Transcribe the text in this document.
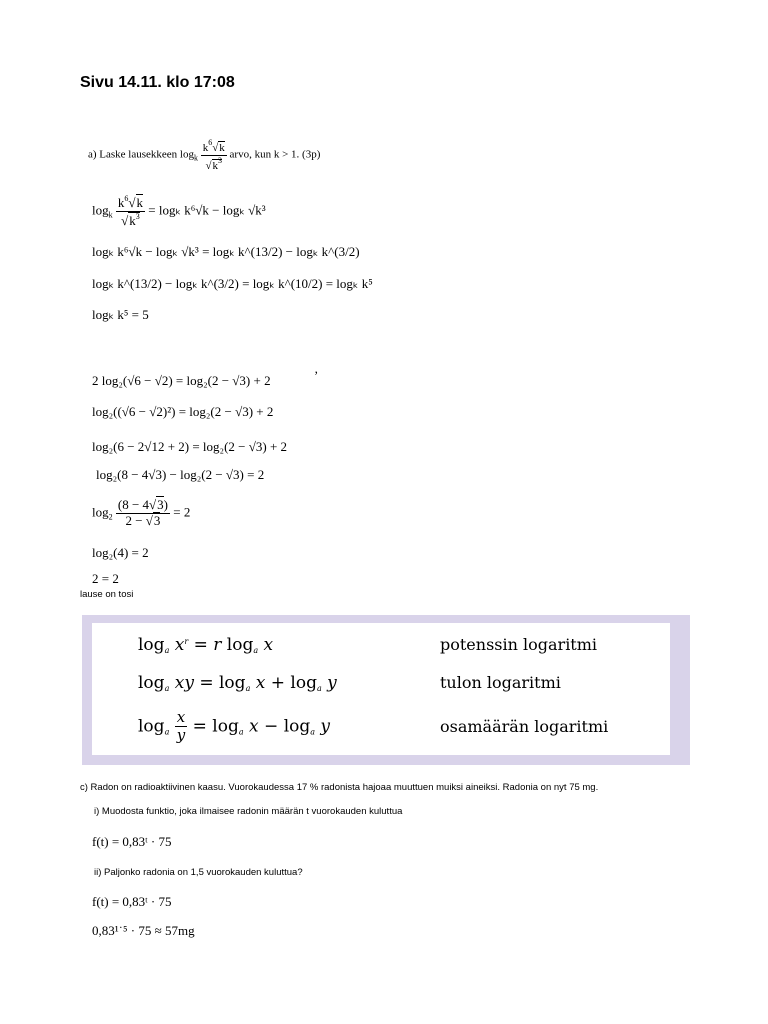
Sivu 14.11. klo 17:08
a) Laske lausekkeen $\log_k \frac{k^6√k}{√k^3}$ arvo, kun k > 1. (3p)
$\log_k \frac{k^6√k}{√k^3} = \log_k$ k⁶√k − logₖ √k³
logₖ k⁶√k − logₖ √k³ = logₖ k^(13/2) − logₖ k^(3/2)
logₖ k^(13/2) − logₖ k^(3/2) = logₖ k^(10/2) = logₖ k⁵
logₖ k⁵ = 5
2 log₂(√6 − √2) = log₂(2 − √3) + 2	ʼ
log₂((√6 − √2)²) = log₂(2 − √3) + 2
log₂(6 − 2√12 + 2) = log₂(2 − √3) + 2
log₂(8 − 4√3) − log₂(2 − √3) = 2
$\log_2 \frac{(8 - 4√3)}{2 - √3} = 2$
log₂(4) = 2
2 = 2
lause on tosi
$\log_a x^r = r$ $\log_a x$	potenssin logaritmi
$\log_a$ xy = $\log_a x + \log_a y$	tulon logaritmi
$\log_a \frac{x}{y} = \log_a x - \log_a y$	osamäärän logaritmi
c) Radon on radioaktiivinen kaasu. Vuorokaudessa 17 % radonista hajoaa muuttuen muiksi aineiksi. Radonia on nyt 75 mg.
i) Muodosta funktio, joka ilmaisee radonin määrän t vuorokauden kuluttua
f(t) = 0,83ᵗ · 75
ii) Paljonko radonia on 1,5 vuorokauden kuluttua?
f(t) = 0,83ᵗ · 75
0,83¹˙⁵ · 75 ≈ 57mg
